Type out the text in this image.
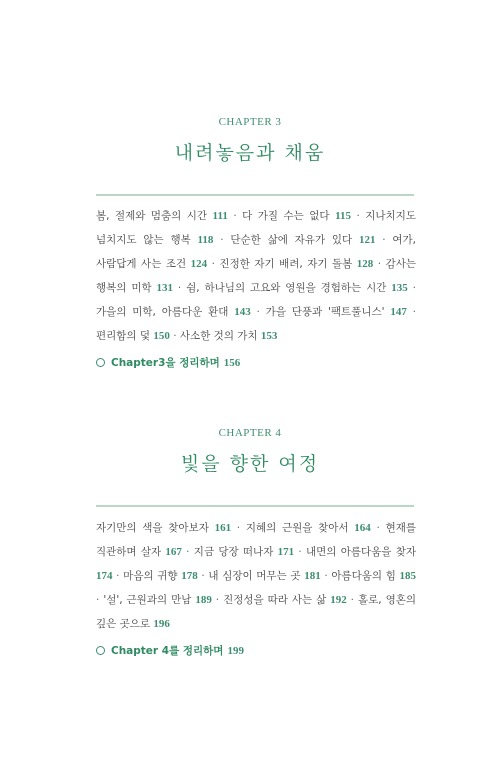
CHAPTER 3
내려놓음과 채움
봄, 절제와 멈춤의 시간 111 · 다 가질 수는 없다 115 · 지나치지도 넘치지도 않는 행복 118 · 단순한 삶에 자유가 있다 121 · 여가, 사람답게 사는 조건 124 · 진정한 자기 배려, 자기 돌봄 128 · 감사는 행복의 미학 131 · 쉼, 하나님의 고요와 영원을 경험하는 시간 135 · 가을의 미학, 아름다운 환대 143 · 가을 단풍과 '팩트풀니스' 147 · 편리함의 덫 150 · 사소한 것의 가치 153
Chapter3을 정리하며 156
CHAPTER 4
빛을 향한 여정
자기만의 색을 찾아보자 161 · 지혜의 근원을 찾아서 164 · 현재를 직관하며 살자 167 · 지금 당장 떠나자 171 · 내면의 아름다움을 찾자 174 · 마음의 귀향 178 · 내 심장이 머무는 곳 181 · 아름다움의 힘 185 · '설', 근원과의 만남 189 · 진정성을 따라 사는 삶 192 · 홀로, 영혼의 깊은 곳으로 196
Chapter 4를 정리하며 199
